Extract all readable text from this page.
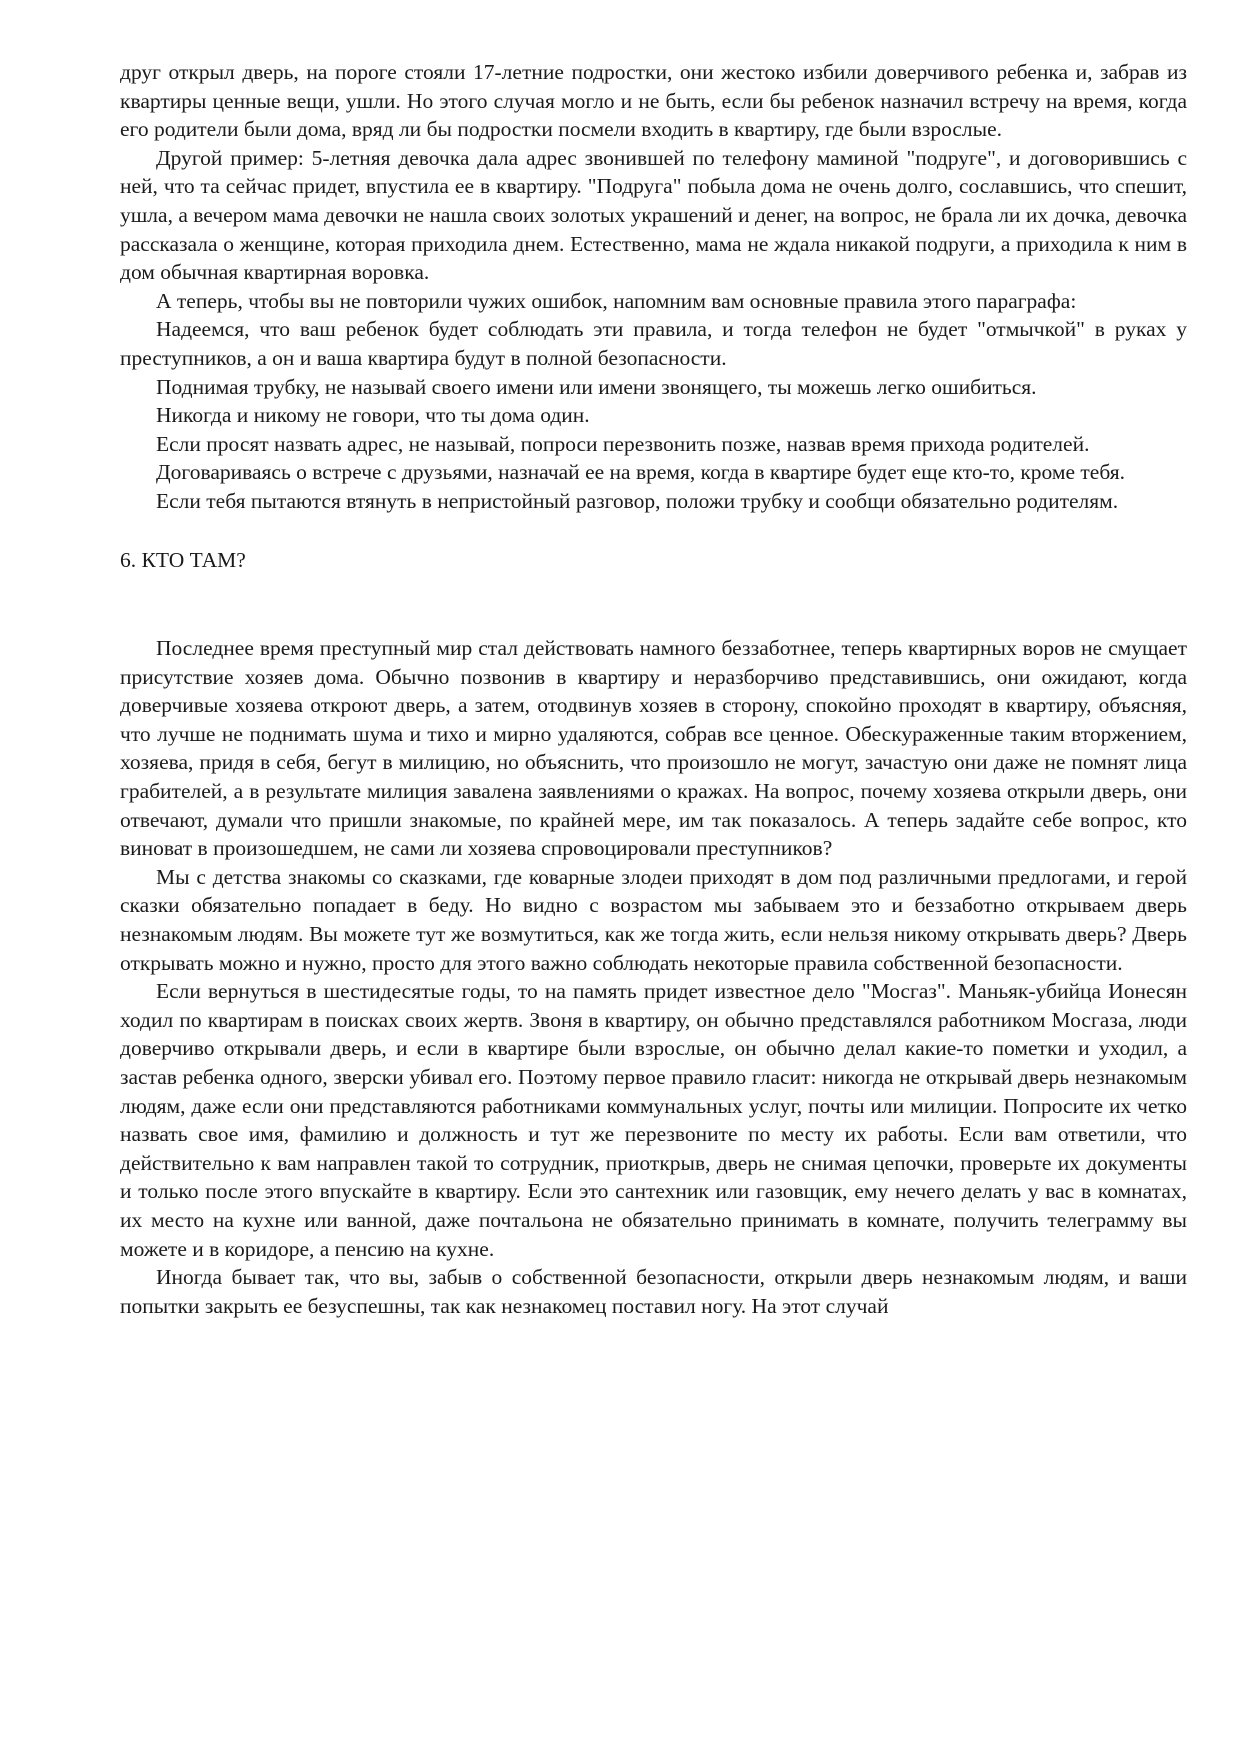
друг открыл дверь, на пороге стояли 17-летние подростки, они жестоко избили доверчивого ребенка и, забрав из квартиры ценные вещи, ушли. Но этого случая могло и не быть, если бы ребенок назначил встречу на время, когда его родители были дома, вряд ли бы подростки посмели входить в квартиру, где были взрослые.

Другой пример: 5-летняя девочка дала адрес звонившей по телефону маминой "подруге", и договорившись с ней, что та сейчас придет, впустила ее в квартиру. "Подруга" побыла дома не очень долго, сославшись, что спешит, ушла, а вечером мама девочки не нашла своих золотых украшений и денег, на вопрос, не брала ли их дочка, девочка рассказала о женщине, которая приходила днем. Естественно, мама не ждала никакой подруги, а приходила к ним в дом обычная квартирная воровка.

А теперь, чтобы вы не повторили чужих ошибок, напомним вам основные правила этого параграфа:

Надеемся, что ваш ребенок будет соблюдать эти правила, и тогда телефон не будет "отмычкой" в руках у преступников, а он и ваша квартира будут в полной безопасности.

Поднимая трубку, не называй своего имени или имени звонящего, ты можешь легко ошибиться.

Никогда и никому не говори, что ты дома один.

Если просят назвать адрес, не называй, попроси перезвонить позже, назвав время прихода родителей.

Договариваясь о встрече с друзьями, назначай ее на время, когда в квартире будет еще кто-то, кроме тебя.

Если тебя пытаются втянуть в непристойный разговор, положи трубку и сообщи обязательно родителям.

6. КТО ТАМ?

Последнее время преступный мир стал действовать намного беззаботнее, теперь квартирных воров не смущает присутствие хозяев дома. Обычно позвонив в квартиру и неразборчиво представившись, они ожидают, когда доверчивые хозяева откроют дверь, а затем, отодвинув хозяев в сторону, спокойно проходят в квартиру, объясняя, что лучше не поднимать шума и тихо и мирно удаляются, собрав все ценное. Обескураженные таким вторжением, хозяева, придя в себя, бегут в милицию, но объяснить, что произошло не могут, зачастую они даже не помнят лица грабителей, а в результате милиция завалена заявлениями о кражах. На вопрос, почему хозяева открыли дверь, они отвечают, думали что пришли знакомые, по крайней мере, им так показалось. А теперь задайте себе вопрос, кто виноват в произошедшем, не сами ли хозяева спровоцировали преступников?

Мы с детства знакомы со сказками, где коварные злодеи приходят в дом под различными предлогами, и герой сказки обязательно попадает в беду. Но видно с возрастом мы забываем это и беззаботно открываем дверь незнакомым людям. Вы можете тут же возмутиться, как же тогда жить, если нельзя никому открывать дверь? Дверь открывать можно и нужно, просто для этого важно соблюдать некоторые правила собственной безопасности.

Если вернуться в шестидесятые годы, то на память придет известное дело "Мосгаз". Маньяк-убийца Ионесян ходил по квартирам в поисках своих жертв. Звоня в квартиру, он обычно представлялся работником Мосгаза, люди доверчиво открывали дверь, и если в квартире были взрослые, он обычно делал какие-то пометки и уходил, а застав ребенка одного, зверски убивал его. Поэтому первое правило гласит: никогда не открывай дверь незнакомым людям, даже если они представляются работниками коммунальных услуг, почты или милиции. Попросите их четко назвать свое имя, фамилию и должность и тут же перезвоните по месту их работы. Если вам ответили, что действительно к вам направлен такой то сотрудник, приоткрыв, дверь не снимая цепочки, проверьте их документы и только после этого впускайте в квартиру. Если это сантехник или газовщик, ему нечего делать у вас в комнатах, их место на кухне или ванной, даже почтальона не обязательно принимать в комнате, получить телеграмму вы можете и в коридоре, а пенсию на кухне.

Иногда бывает так, что вы, забыв о собственной безопасности, открыли дверь незнакомым людям, и ваши попытки закрыть ее безуспешны, так как незнакомец поставил ногу. На этот случай
